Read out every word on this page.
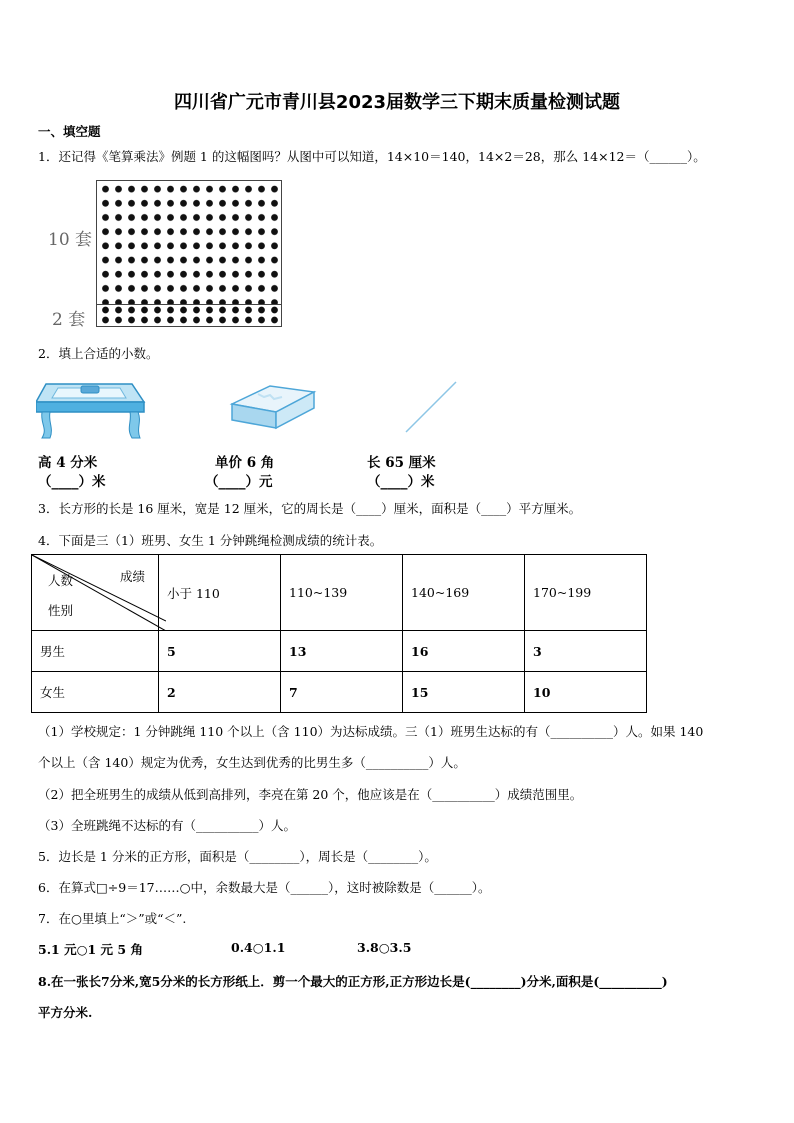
四川省广元市青川县2023届数学三下期末质量检测试题
一、填空题
1．还记得《笔算乘法》例题 1 的这幅图吗？从图中可以知道，14×10＝140，14×2＝28，那么 14×12＝（______）。
10 套
2 套
2．填上合适的小数。
高 4 分米
（____）米
单价 6 角
（____）元
长 65 厘米
（____）米
3．长方形的长是 16 厘米，宽是 12 厘米，它的周长是（____）厘米，面积是（____）平方厘米。
4．下面是三（1）班男、女生 1 分钟跳绳检测成绩的统计表。
人数 成绩
性别	小于 110	110~139	140~169	170~199
男生	5	13	16	3
女生	2	7	15	10
（1）学校规定：1 分钟跳绳 110 个以上（含 110）为达标成绩。三（1）班男生达标的有（__________）人。如果 140
个以上（含 140）规定为优秀，女生达到优秀的比男生多（__________）人。
（2）把全班男生的成绩从低到高排列，李亮在第 20 个，他应该是在（__________）成绩范围里。
（3）全班跳绳不达标的有（__________）人。
5．边长是 1 分米的正方形，面积是（________），周长是（________）。
6．在算式□÷9＝17……○中，余数最大是（______），这时被除数是（______）。
7．在○里填上“＞”或“＜”.
5.1 元○1 元 5 角	0.4○1.1	3.8○3.5
8.在一张长7分米,宽5分米的长方形纸上．剪一个最大的正方形,正方形边长是(________)分米,面积是(__________)
平方分米.
